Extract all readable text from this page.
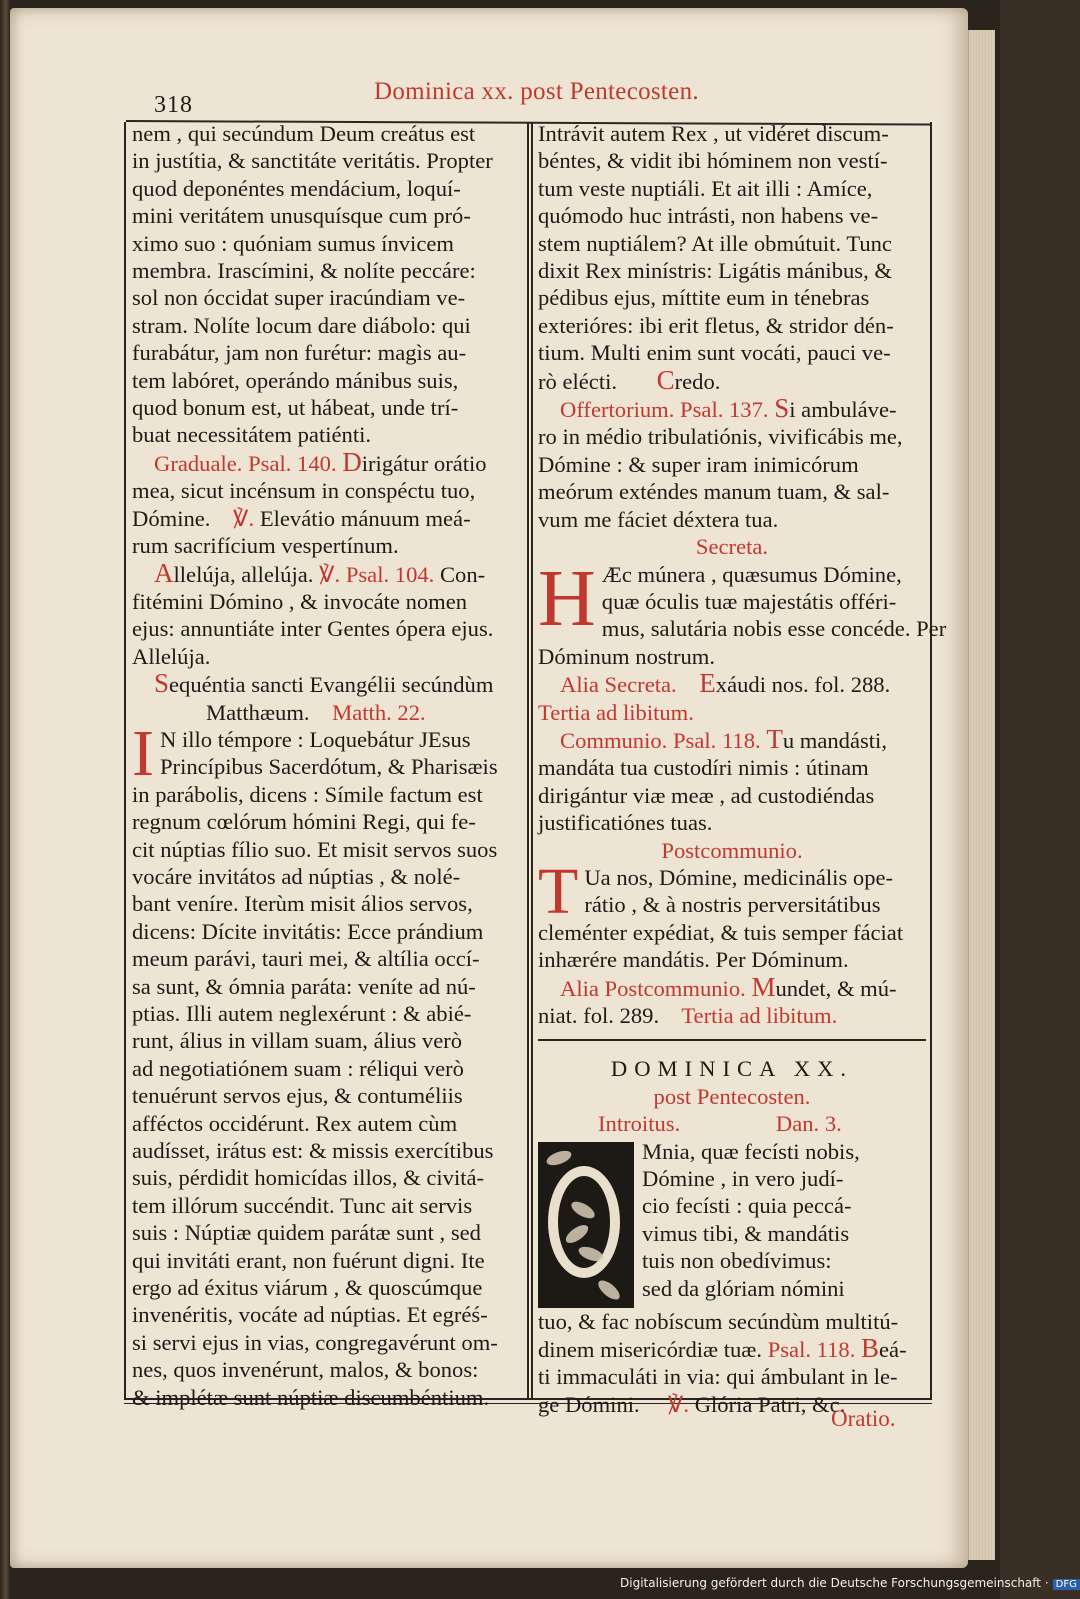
318	Dominica xx. post Pentecosten.
nem , qui secúndum Deum creátus est
in justítia, & sanctitáte veritátis. Propter
quod deponéntes mendácium, loquí-
mini veritátem unusquísque cum pró-
ximo suo : quóniam sumus ínvicem
membra. Irascímini, & nolíte peccáre:
sol non óccidat super iracúndiam ve-
stram. Nolíte locum dare diábolo: qui
furabátur, jam non furétur: magìs au-
tem labóret, operándo mánibus suis,
quod bonum est, ut hábeat, unde trí-
buat necessitátem patiénti.

Graduale. Psal. 140. Dirigátur orátio
mea, sicut incénsum in conspéctu tuo,
Dómine. ℣. Elevátio mánuum meá-
rum sacrifícium vespertínum.

Allelúja, allelúja. ℣. Psal. 104. Con-
fitémini Dómino , & invocáte nomen
ejus: annuntiáte inter Gentes ópera ejus.
Allelúja.

Sequéntia sancti Evangélii secúndùm
Matthæum. Matth. 22.

I N illo témpore : Loquebátur JEsus
Princípibus Sacerdótum, & Pharisæis
in parábolis, dicens : Símile factum est
regnum cœlórum hómini Regi, qui fe-
cit núptias fílio suo. Et misit servos suos
vocáre invitátos ad núptias , & nolé-
bant veníre. Iterùm misit álios servos,
dicens: Dícite invitátis: Ecce prándium
meum parávi, tauri mei, & altília occí-
sa sunt, & ómnia paráta: veníte ad nú-
ptias. Illi autem neglexérunt : & abié-
runt, álius in villam suam, álius verò
ad negotiatiónem suam : réliqui verò
tenuérunt servos ejus, & contuméliis
afféctos occidérunt. Rex autem cùm
audísset, irátus est: & missis exercítibus
suis, pérdidit homicídas illos, & civitá-
tem illórum succéndit. Tunc ait servis
suis : Núptiæ quidem parátæ sunt , sed
qui invitáti erant, non fuérunt digni. Ite
ergo ad éxitus viárum , & quoscúmque
invenéritis, vocáte ad núptias. Et egréś-
si servi ejus in vias, congregavérunt om-
nes, quos invenérunt, malos, & bonos:
& implétæ sunt núptiæ discumbéntium.
Intrávit autem Rex , ut vidéret discum-
béntes, & vidit ibi hóminem non vestí-
tum veste nuptiáli. Et ait illi : Amíce,
quómodo huc intrásti, non habens ve-
stem nuptiálem? At ille obmútuit. Tunc
dixit Rex minístris: Ligátis mánibus, &
pédibus ejus, míttite eum in ténebras
exterióres: ibi erit fletus, & stridor dén-
tium. Multi enim sunt vocáti, pauci ve-
rò elécti. Credo.

Offertorium. Psal. 137. Si ambuláve-
ro in médio tribulatiónis, vivificábis me,
Dómine : & super iram inimicórum
meórum exténdes manum tuam, & sal-
vum me fáciet déxtera tua.

Secreta.
H Æc múnera , quæsumus Dómine,
quæ óculis tuæ majestátis offéri-
mus, salutária nobis esse concéde. Per
Dóminum nostrum.
Alia Secreta. Exáudi nos. fol. 288.
Tertia ad libitum.

Communio. Psal. 118. Tu mandásti,
mandáta tua custodíri nimis : útinam
dirigántur viæ meæ , ad custodiéndas
justificatiónes tuas.

Postcommunio.
T Ua nos, Dómine, medicinális ope-
rátio , & à nostris perversitátibus
cleménter expédiat, & tuis semper fáciat
inhærére mandátis. Per Dóminum.
Alia Postcommunio. Mundet, & mú-
niat. fol. 289. Tertia ad libitum.

DOMINICA XX.
post Pentecosten.
Introitus.	Dan. 3.
Mnia, quæ fecísti nobis,
Dómine , in vero judí-
cio fecísti : quia peccá-
vimus tibi, & mandátis
tuis non obedívimus:
sed da glóriam nómini
tuo, & fac nobíscum secúndùm multitú-
dinem misericórdiæ tuæ. Psal. 118. Beá-
ti immaculáti in via: qui ámbulant in le-
ge Dómini. ℣. Glória Patri, &c.
Oratio.
Digitalisierung gefördert durch die Deutsche Forschungsgemeinschaft · DFG
